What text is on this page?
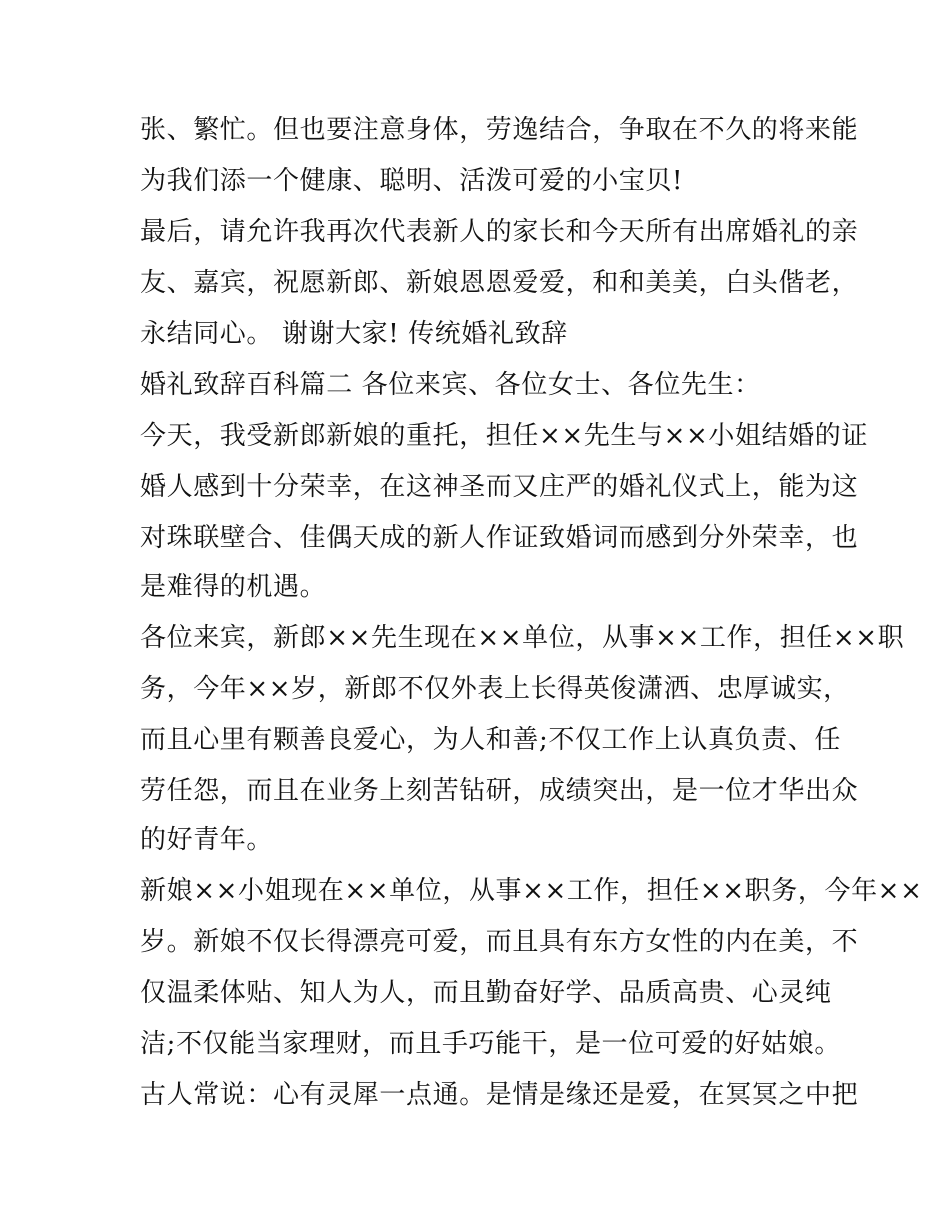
张、繁忙。但也要注意身体，劳逸结合，争取在不久的将来能
为我们添一个健康、聪明、活泼可爱的小宝贝!
最后，请允许我再次代表新人的家长和今天所有出席婚礼的亲
友、嘉宾，祝愿新郎、新娘恩恩爱爱，和和美美，白头偕老，
永结同心。 谢谢大家! 传统婚礼致辞
婚礼致辞百科篇二 各位来宾、各位女士、各位先生：
今天，我受新郎新娘的重托，担任××先生与××小姐结婚的证
婚人感到十分荣幸，在这神圣而又庄严的婚礼仪式上，能为这
对珠联壁合、佳偶天成的新人作证致婚词而感到分外荣幸，也
是难得的机遇。
各位来宾，新郎××先生现在××单位，从事××工作，担任××职
务，今年××岁，新郎不仅外表上长得英俊潇洒、忠厚诚实，
而且心里有颗善良爱心，为人和善;不仅工作上认真负责、任
劳任怨，而且在业务上刻苦钻研，成绩突出，是一位才华出众
的好青年。
新娘××小姐现在××单位，从事××工作，担任××职务，今年××
岁。新娘不仅长得漂亮可爱，而且具有东方女性的内在美，不
仅温柔体贴、知人为人，而且勤奋好学、品质高贵、心灵纯
洁;不仅能当家理财，而且手巧能干，是一位可爱的好姑娘。
古人常说：心有灵犀一点通。是情是缘还是爱，在冥冥之中把
